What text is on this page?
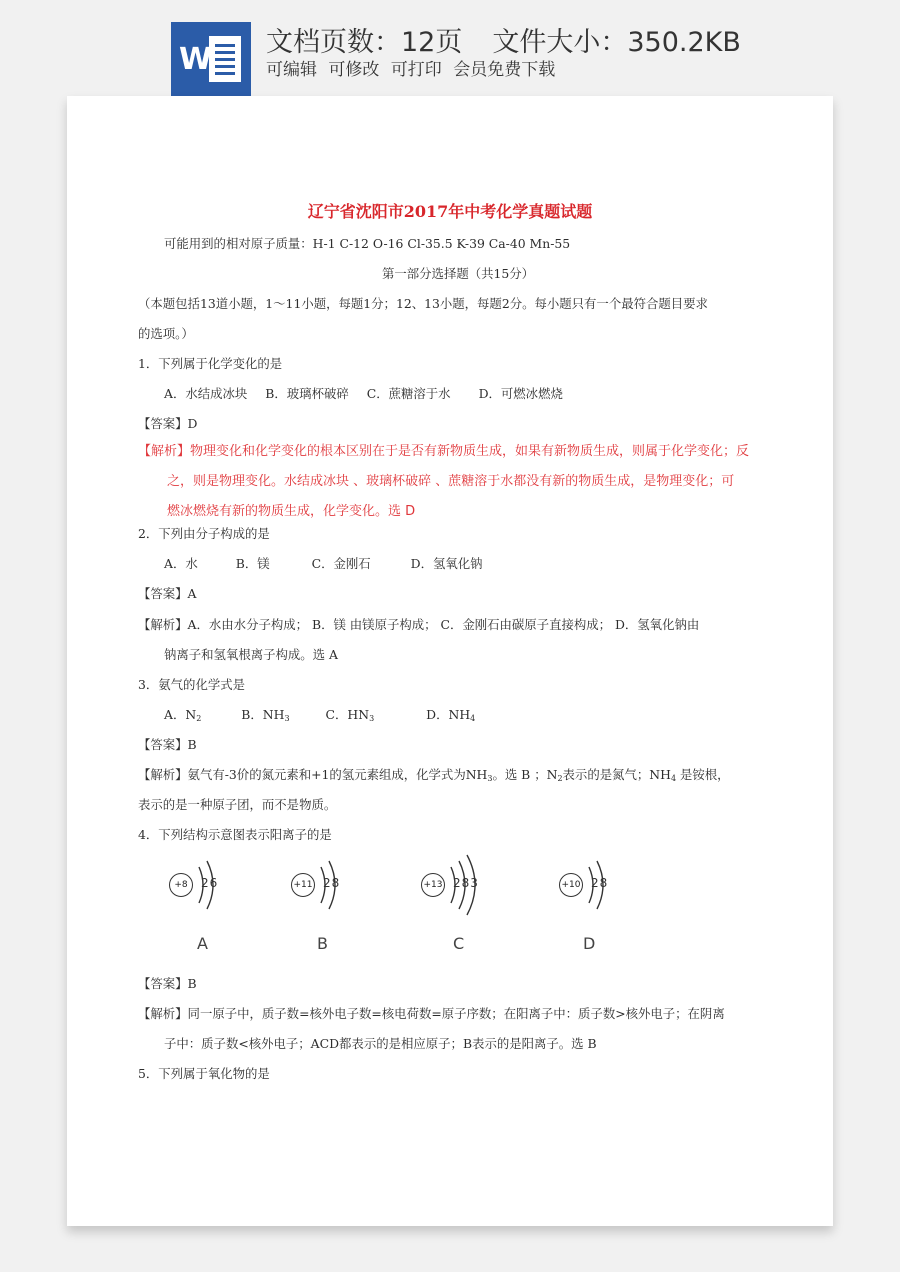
W 文档页数：12页 文件大小：350.2KB
可编辑 可修改 可打印 会员免费下载
辽宁省沈阳市2017年中考化学真题试题
可能用到的相对原子质量：H-1 C-12 O-16 Cl-35.5 K-39 Ca-40 Mn-55
第一部分选择题（共15分）
（本题包括13道小题，1～11小题，每题1分；12、13小题，每题2分。每小题只有一个最符合题目要求
的选项。）
1．下列属于化学变化的是
A．水结成冰块 B．玻璃杯破碎 C．蔗糖溶于水 D．可燃冰燃烧
【答案】D
【解析】物理变化和化学变化的根本区别在于是否有新物质生成，如果有新物质生成，则属于化学变化；反
之，则是物理变化。水结成冰块 、玻璃杯破碎 、蔗糖溶于水都没有新的物质生成，是物理变化；可
燃冰燃烧有新的物质生成，化学变化。选 D
2．下列由分子构成的是
A．水	B．镁	C．金刚石	D．氢氧化钠
【答案】A
【解析】A．水由水分子构成； B．镁 由镁原子构成； C．金刚石由碳原子直接构成； D．氢氧化钠由
钠离子和氢氧根离子构成。选 A
3．氨气的化学式是
A．$N_2$	B．$NH_3$	C．$HN_3$	D．$NH_4$
【答案】B
【解析】氨气有-3价的氮元素和+1的氢元素组成，化学式为$NH_3$。选 B ；$N_2$表示的是氮气；$NH_4$ 是铵根，
表示的是一种原子团，而不是物质。
4．下列结构示意图表示阳离子的是
+8	26
A
+11 28
B
+13 283
C
+10 28
D
【答案】B
【解析】同一原子中，质子数=核外电子数=核电荷数=原子序数；在阳离子中：质子数>核外电子；在阴离
子中：质子数<核外电子；ACD都表示的是相应原子；B表示的是阳离子。选 B
5．下列属于氧化物的是
